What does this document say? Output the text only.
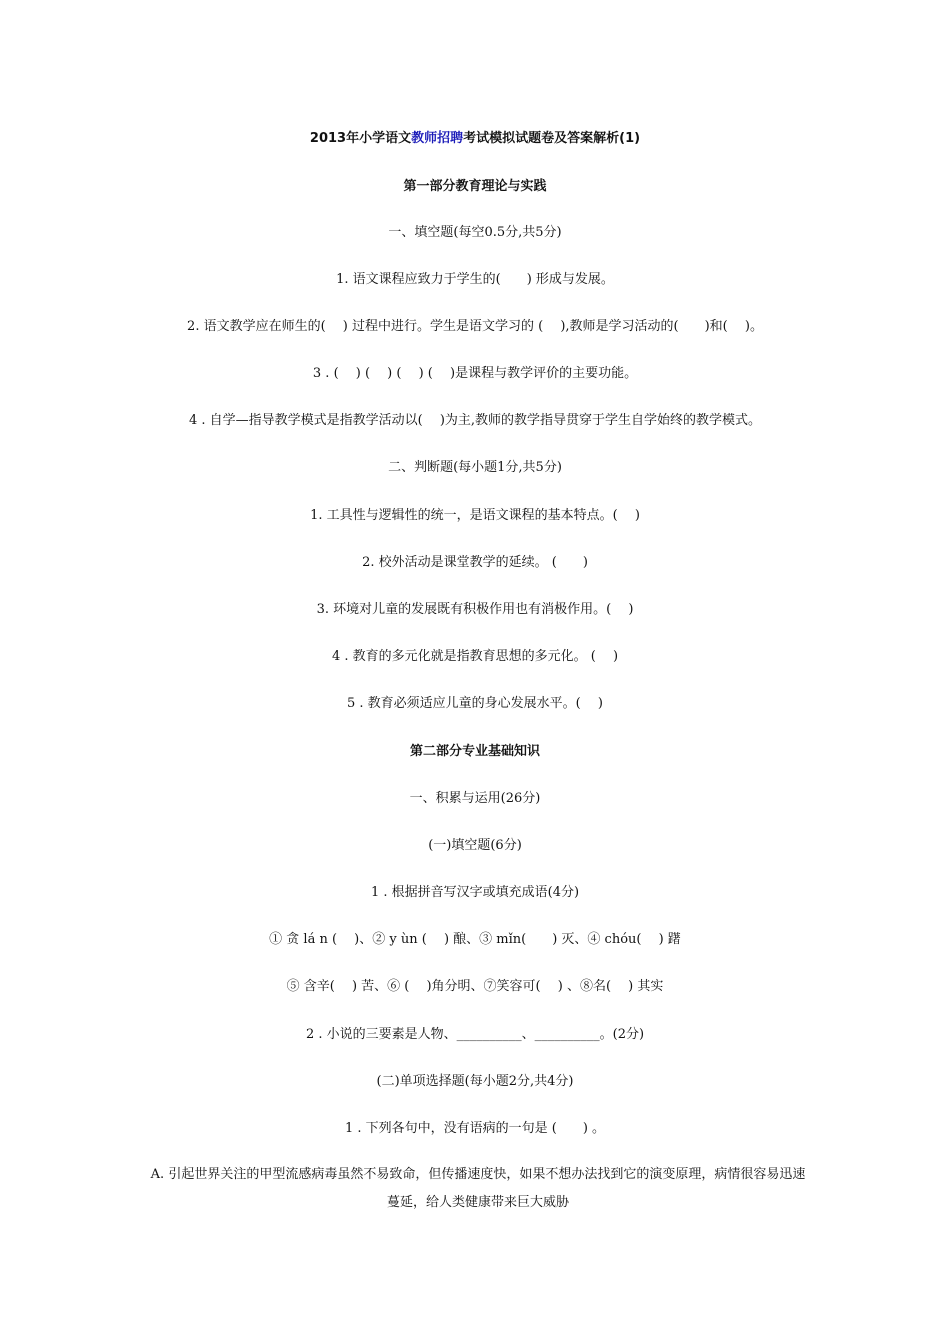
2013年小学语文教师招聘考试模拟试题卷及答案解析(1)
第一部分教育理论与实践
一、填空题(每空0.5分,共5分)
1. 语文课程应致力于学生的(　　) 形成与发展。
2. 语文教学应在师生的(　 ) 过程中进行。学生是语文学习的 (　 ),教师是学习活动的(　　)和(　 )。
3 . (　 ) (　 ) (　 ) (　 )是课程与教学评价的主要功能。
4 . 自学—指导教学模式是指教学活动以(　 )为主,教师的教学指导贯穿于学生自学始终的教学模式。
二、判断题(每小题1分,共5分)
1. 工具性与逻辑性的统一，是语文课程的基本特点。(　 )
2. 校外活动是课堂教学的延续。 (　　)
3. 环境对儿童的发展既有积极作用也有消极作用。(　 )
4 . 教育的多元化就是指教育思想的多元化。 (　 )
5 . 教育必须适应儿童的身心发展水平。(　 )
第二部分专业基础知识
一、积累与运用(26分)
(一)填空题(6分)
1 . 根据拼音写汉字或填充成语(4分)
① 贪 lá n (　 )、② y ùn (　 ) 酿、③ mǐn(　　) 灭、④ chóu(　 ) 躇
⑤ 含辛(　 ) 苦、⑥ (　 )角分明、⑦笑容可(　 ) 、⑧名(　 ) 其实
2 . 小说的三要素是人物、__________、__________。(2分)
(二)单项选择题(每小题2分,共4分)
1 . 下列各句中，没有语病的一句是 (　　) 。
A. 引起世界关注的甲型流感病毒虽然不易致命，但传播速度快，如果不想办法找到它的演变原理，病情很容易迅速蔓延，给人类健康带来巨大威胁
